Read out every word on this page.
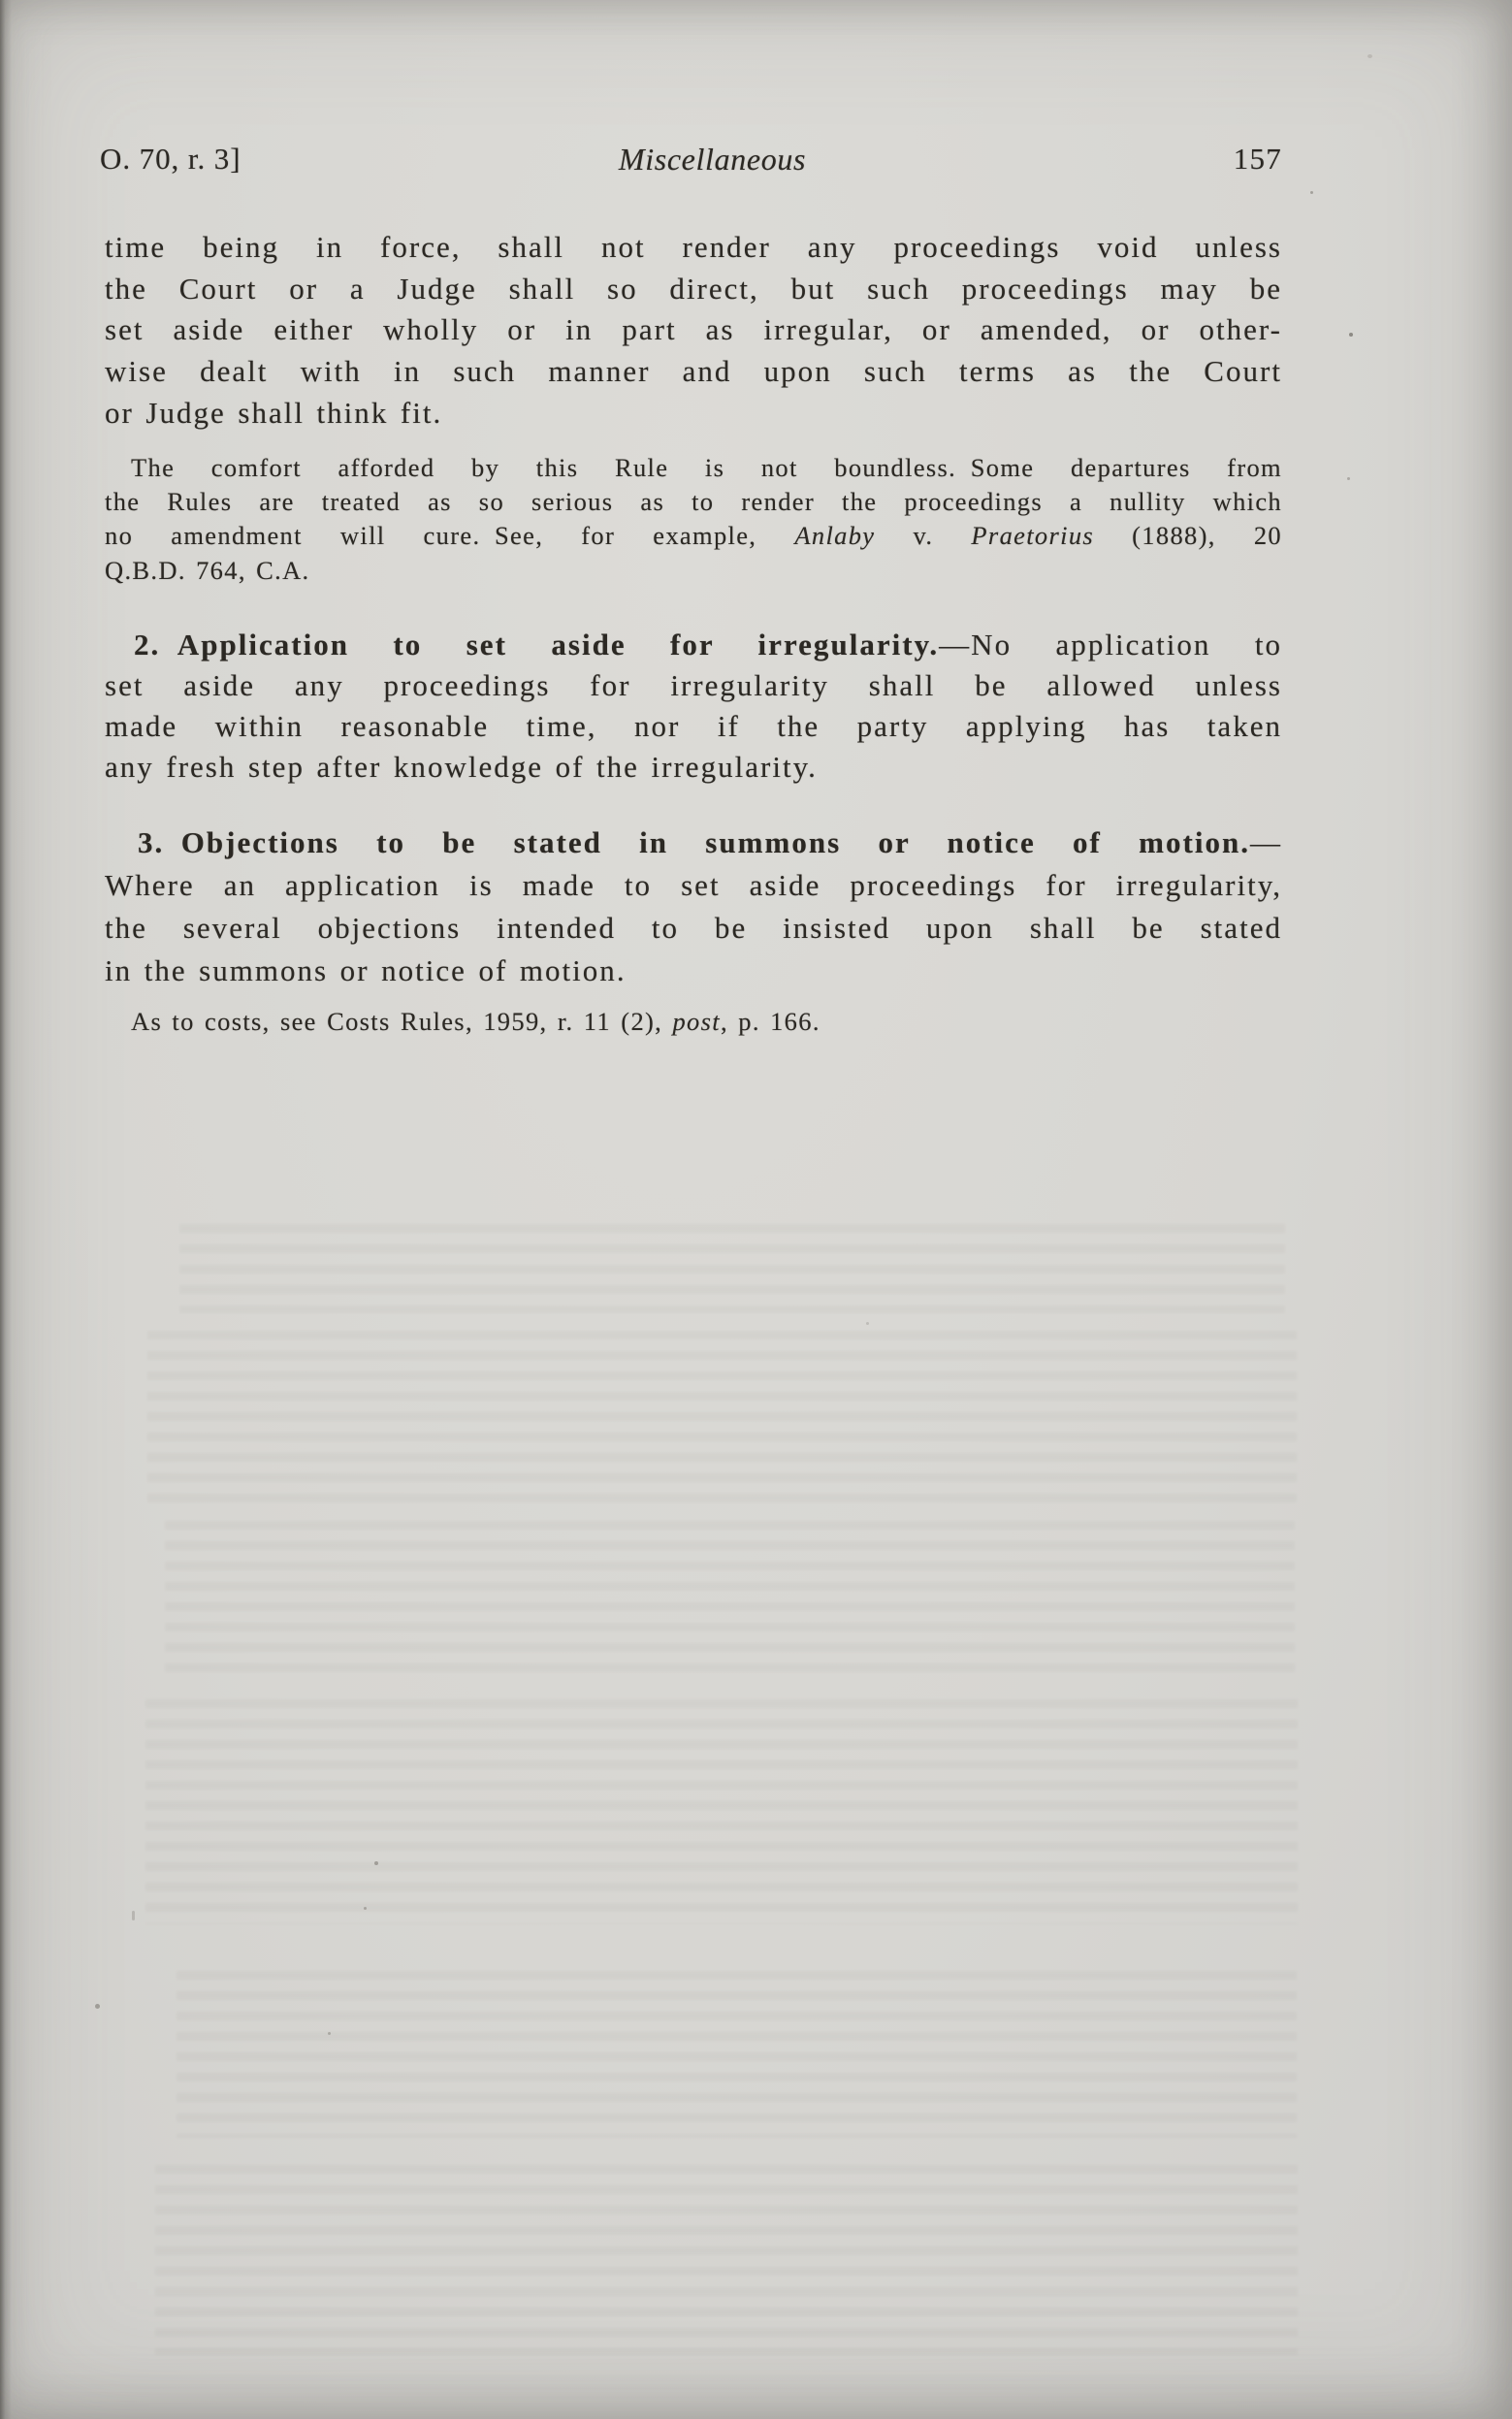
O. 70, r. 3]	Miscellaneous	157
time being in force, shall not render any proceedings void unless
the Court or a Judge shall so direct, but such proceedings may be
set aside either wholly or in part as irregular, or amended, or other-
wise dealt with in such manner and upon such terms as the Court
or Judge shall think fit.
The comfort afforded by this Rule is not boundless. Some departures from
the Rules are treated as so serious as to render the proceedings a nullity which
no amendment will cure. See, for example, Anlaby v. Praetorius (1888), 20
Q.B.D. 764, C.A.
2. Application to set aside for irregularity.—No application to
set aside any proceedings for irregularity shall be allowed unless
made within reasonable time, nor if the party applying has taken
any fresh step after knowledge of the irregularity.
3. Objections to be stated in summons or notice of motion.—
Where an application is made to set aside proceedings for irregularity,
the several objections intended to be insisted upon shall be stated
in the summons or notice of motion.
As to costs, see Costs Rules, 1959, r. 11 (2), post, p. 166.
